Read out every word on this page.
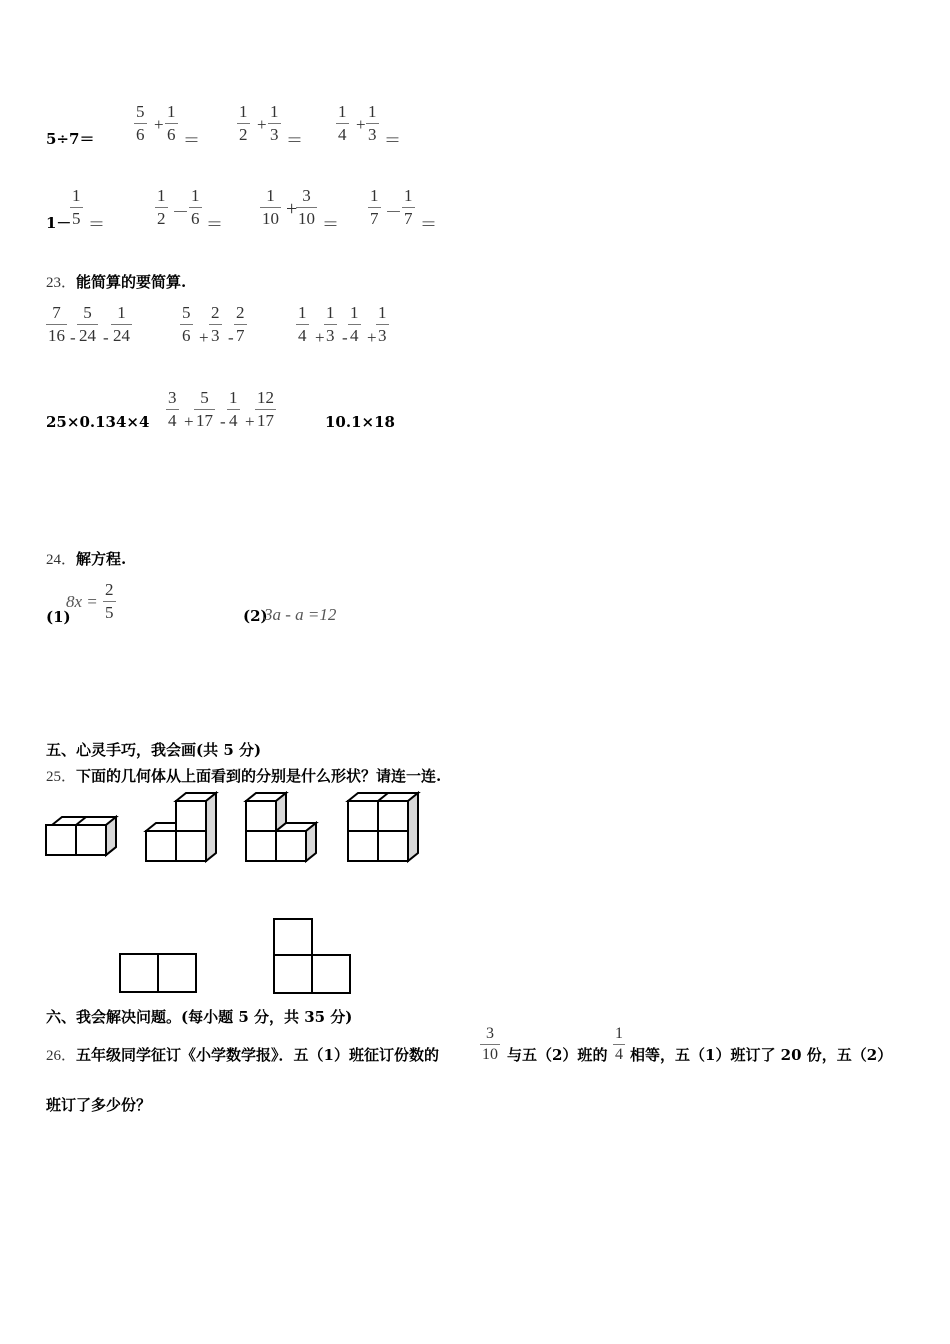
5÷7＝
5
6
+
1
6 ＝
1
2
+
1
3 ＝
1
4
+
1
3 ＝
1－
1
5 ＝
1
2 －
1
6 ＝
1
10 +
3
10 ＝
1
7 －
1
7 ＝
23．能简算的要简算.
7
16 -
5
24 -
1
24
5
6 +
2
3 -
2
7
1
4 +
1
3 -
1
4 +
1
3
25×0.134×4
3
4 +
5
17 -
1
4 +
12
17	10.1×18
24．解方程.
(1)
8x =
2
5	(2)
3a - a =12
五、心灵手巧，我会画(共 5 分)
25．下面的几何体从上面看到的分别是什么形状？请连一连.
六、我会解决问题。(每小题 5 分，共 35 分)
26．五年级同学征订《小学数学报》．五（1）班征订份数的
3
10 与五（2）班的
1
4 相等，五（1）班订了 20 份，五（2）
班订了多少份？
